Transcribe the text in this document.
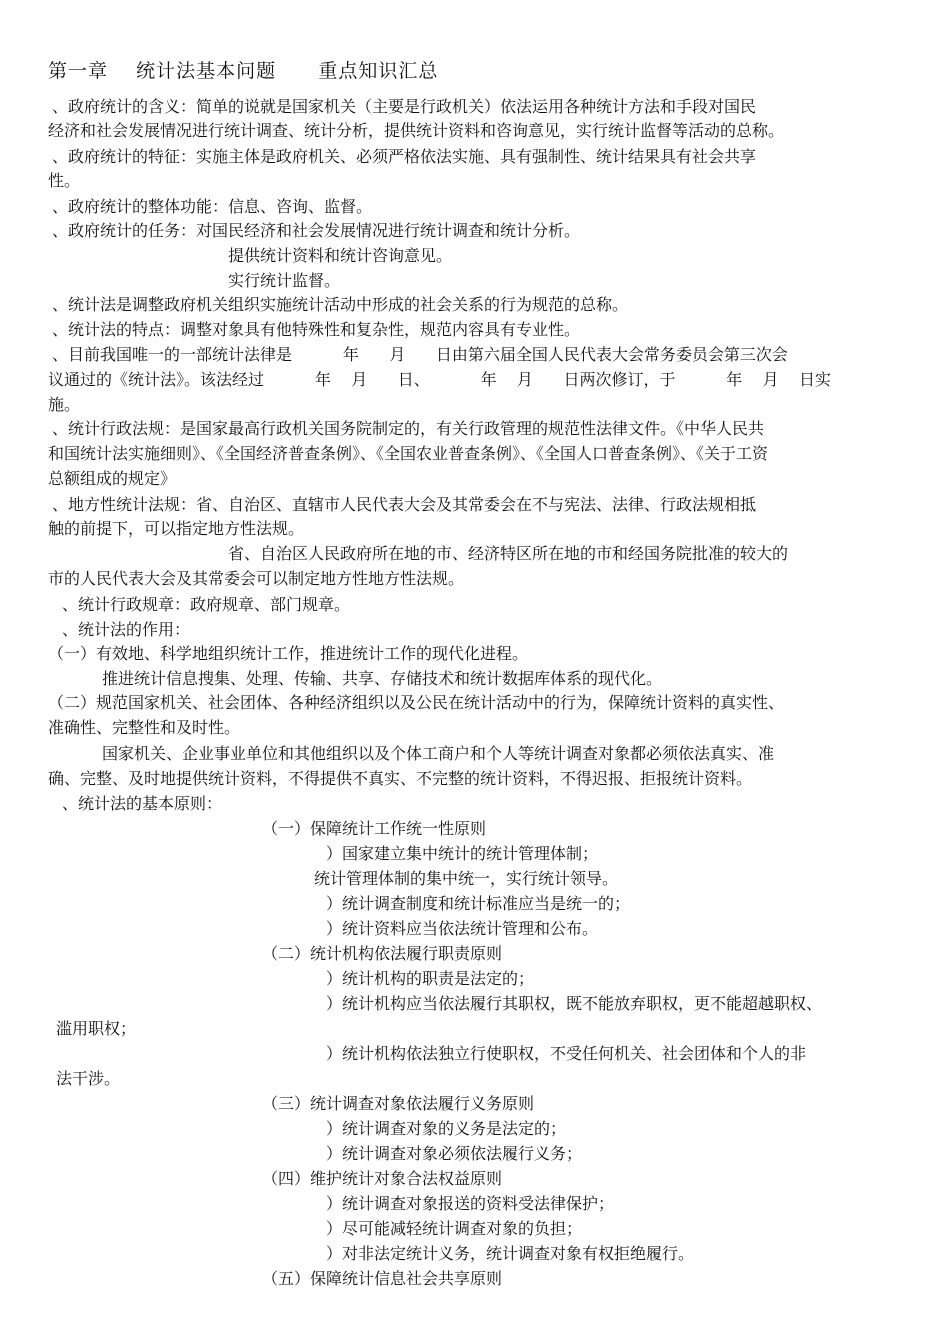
第一章    统计法基本问题      重点知识汇总
、政府统计的含义：简单的说就是国家机关（主要是行政机关）依法运用各种统计方法和手段对国民
经济和社会发展情况进行统计调查、统计分析，提供统计资料和咨询意见，实行统计监督等活动的总称。
、政府统计的特征：实施主体是政府机关、必须严格依法实施、具有强制性、统计结果具有社会共享
性。
、政府统计的整体功能：信息、咨询、监督。
、政府统计的任务：对国民经济和社会发展情况进行统计调查和统计分析。
提供统计资料和统计咨询意见。
实行统计监督。
、统计法是调整政府机关组织实施统计活动中形成的社会关系的行为规范的总称。
、统计法的特点：调整对象具有他特殊性和复杂性，规范内容具有专业性。
、目前我国唯一的一部统计法律是          年      月      日由第六届全国人民代表大会常务委员会第三次会
议通过的《统计法》。该法经过          年    月      日、          年    月      日两次修订，于          年    月    日实
施。
、统计行政法规：是国家最高行政机关国务院制定的，有关行政管理的规范性法律文件。《中华人民共
和国统计法实施细则》、《全国经济普查条例》、《全国农业普查条例》、《全国人口普查条例》、《关于工资
总额组成的规定》
、地方性统计法规：省、自治区、直辖市人民代表大会及其常委会在不与宪法、法律、行政法规相抵
触的前提下，可以指定地方性法规。
省、自治区人民政府所在地的市、经济特区所在地的市和经国务院批准的较大的
市的人民代表大会及其常委会可以制定地方性地方性法规。
、统计行政规章：政府规章、部门规章。
、统计法的作用：
（一）有效地、科学地组织统计工作，推进统计工作的现代化进程。
推进统计信息搜集、处理、传输、共享、存储技术和统计数据库体系的现代化。
（二）规范国家机关、社会团体、各种经济组织以及公民在统计活动中的行为，保障统计资料的真实性、
准确性、完整性和及时性。
国家机关、企业事业单位和其他组织以及个体工商户和个人等统计调查对象都必须依法真实、准
确、完整、及时地提供统计资料，不得提供不真实、不完整的统计资料，不得迟报、拒报统计资料。
、统计法的基本原则：
（一）保障统计工作统一性原则
）国家建立集中统计的统计管理体制；
统计管理体制的集中统一，实行统计领导。
）统计调查制度和统计标准应当是统一的；
）统计资料应当依法统计管理和公布。
（二）统计机构依法履行职责原则
）统计机构的职责是法定的；
）统计机构应当依法履行其职权，既不能放弃职权，更不能超越职权、
滥用职权；
）统计机构依法独立行使职权，不受任何机关、社会团体和个人的非
法干涉。
（三）统计调查对象依法履行义务原则
）统计调查对象的义务是法定的；
）统计调查对象必须依法履行义务；
（四）维护统计对象合法权益原则
）统计调查对象报送的资料受法律保护；
）尽可能减轻统计调查对象的负担；
）对非法定统计义务，统计调查对象有权拒绝履行。
（五）保障统计信息社会共享原则
